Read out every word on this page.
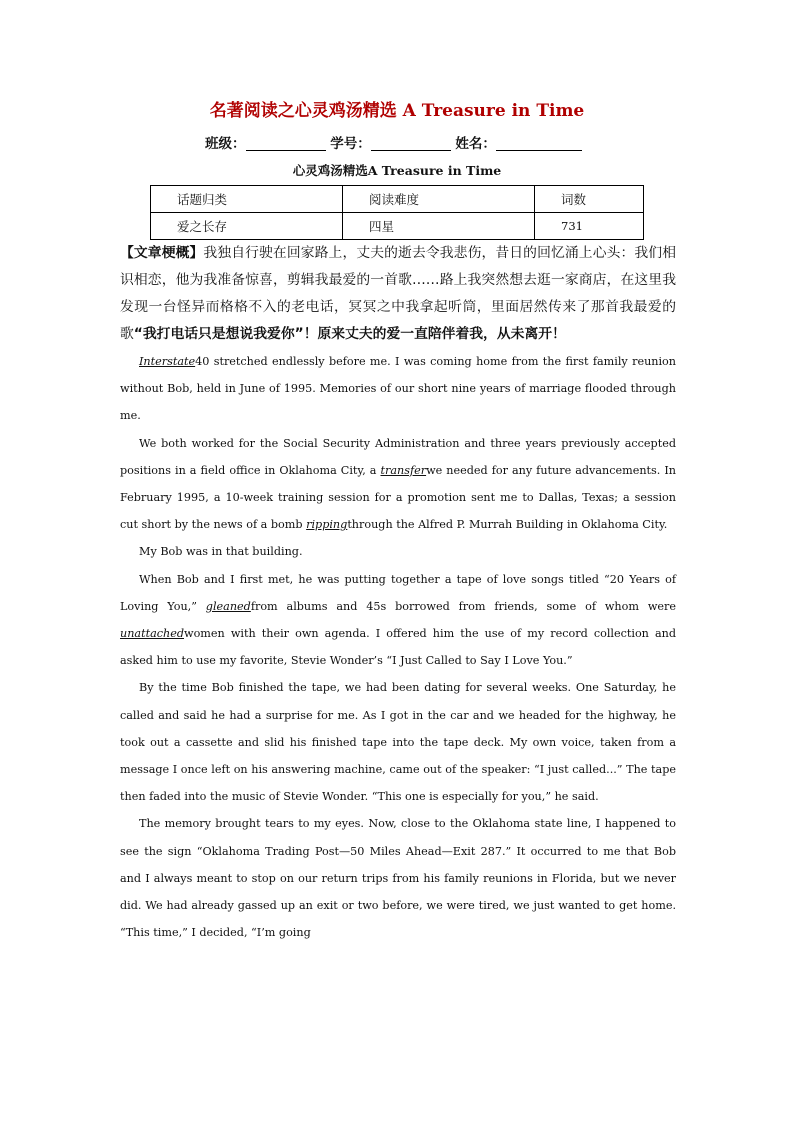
名著阅读之心灵鸡汤精选 A Treasure in Time
班级：	学号：	姓名：
心灵鸡汤精选A Treasure in Time
话题归类	阅读难度	词数
爱之长存	四星	731
【文章梗概】我独自行驶在回家路上，丈夫的逝去令我悲伤，昔日的回忆涌上心头：我们相识相恋，他为我准备惊喜，剪辑我最爱的一首歌……路上我突然想去逛一家商店，在这里我发现一台怪异而格格不入的老电话，冥冥之中我拿起听筒，里面居然传来了那首我最爱的歌“我打电话只是想说我爱你”！原来丈夫的爱一直陪伴着我，从未离开！

Interstate40 stretched endlessly before me. I was coming home from the first family reunion without Bob, held in June of 1995. Memories of our short nine years of marriage flooded through me.

We both worked for the Social Security Administration and three years previously accepted positions in a field office in Oklahoma City, a transferwe needed for any future advancements. In February 1995, a 10-week training session for a promotion sent me to Dallas, Texas; a session cut short by the news of a bomb rippingthrough the Alfred P. Murrah Building in Oklahoma City.

My Bob was in that building.

When Bob and I first met, he was putting together a tape of love songs titled “20 Years of Loving You,” gleanedfrom albums and 45s borrowed from friends, some of whom were unattachedwomen with their own agenda. I offered him the use of my record collection and asked him to use my favorite, Stevie Wonder’s “I Just Called to Say I Love You.”

By the time Bob finished the tape, we had been dating for several weeks. One Saturday, he called and said he had a surprise for me. As I got in the car and we headed for the highway, he took out a cassette and slid his finished tape into the tape deck. My own voice, taken from a message I once left on his answering machine, came out of the speaker: “I just called...” The tape then faded into the music of Stevie Wonder. “This one is especially for you,” he said.

The memory brought tears to my eyes. Now, close to the Oklahoma state line, I happened to see the sign “Oklahoma Trading Post—50 Miles Ahead—Exit 287.” It occurred to me that Bob and I always meant to stop on our return trips from his family reunions in Florida, but we never did. We had already gassed up an exit or two before, we were tired, we just wanted to get home. “This time,” I decided, “I’m going
